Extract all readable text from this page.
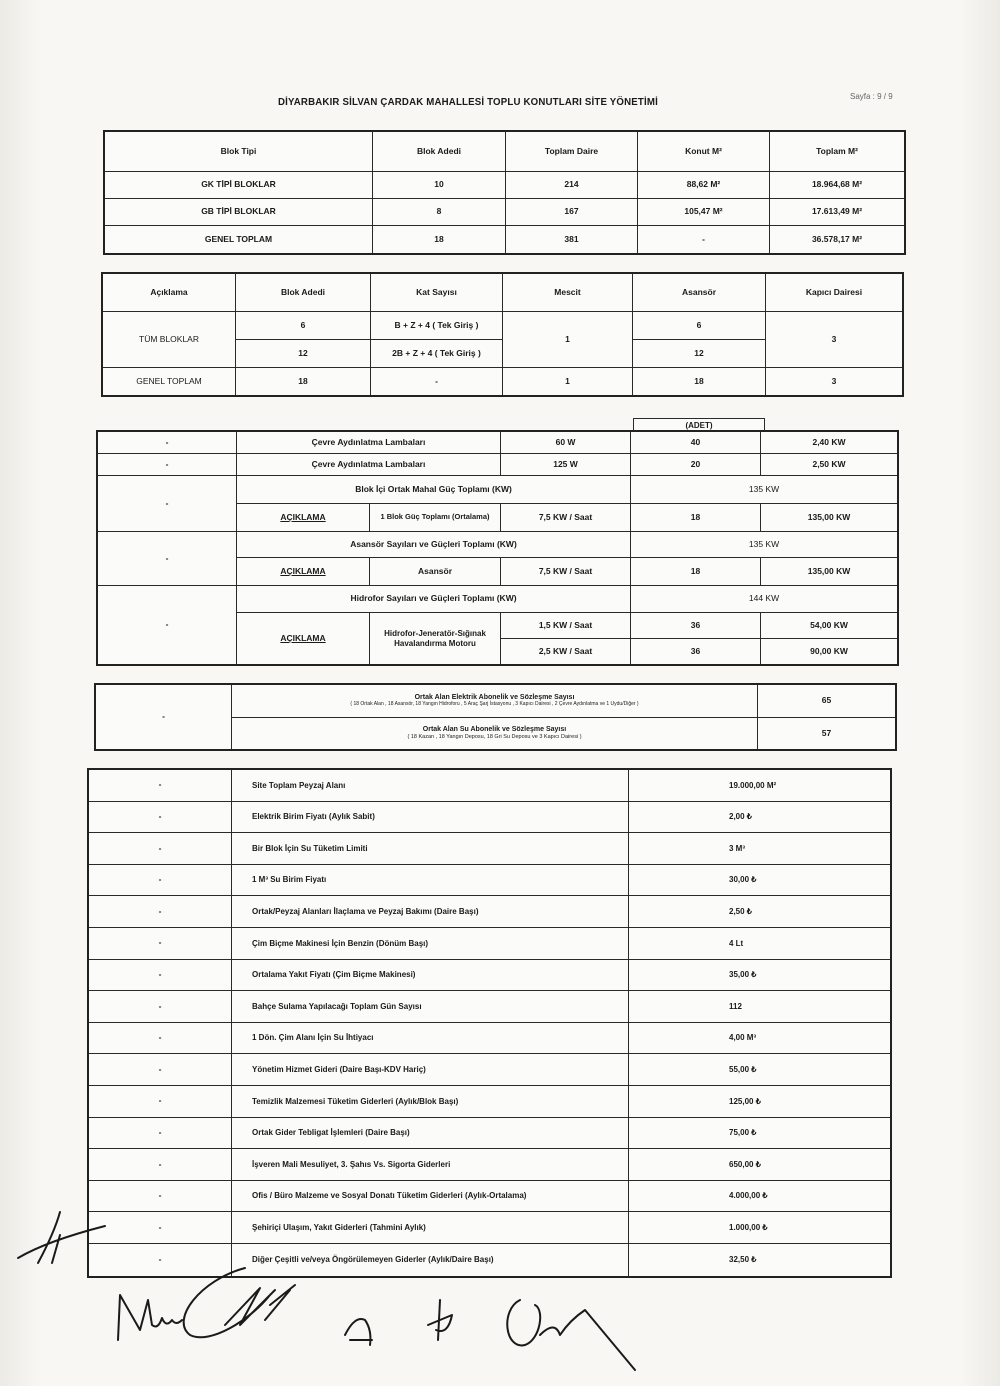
DİYARBAKIR SİLVAN ÇARDAK MAHALLESİ TOPLU KONUTLARI SİTE YÖNETİMİ	Sayfa : 9 / 9
Blok Tipi	Blok Adedi	Toplam Daire	Konut M²	Toplam M²
GK TİPİ BLOKLAR	10	214	88,62 M²	18.964,68 M²
GB TİPİ BLOKLAR	8	167	105,47 M²	17.613,49 M²
GENEL TOPLAM	18	381	-	36.578,17 M²
Açıklama	Blok Adedi	Kat Sayısı	Mescit	Asansör	Kapıcı Dairesi
TÜM BLOKLAR	6	B + Z + 4 ( Tek Giriş )	1	6	3
	12	2B + Z + 4 ( Tek Giriş )		12	
GENEL TOPLAM	18	-	1	18	3
(ADET)
-	Çevre Aydınlatma Lambaları		60 W	40	2,40 KW
-	Çevre Aydınlatma Lambaları		125 W	20	2,50 KW
-	Blok İçi Ortak Mahal Güç Toplamı (KW)			135 KW	
	AÇIKLAMA	1 Blok Güç Toplamı (Ortalama)	7,5 KW / Saat	18	135,00 KW
-	Asansör Sayıları ve Güçleri Toplamı (KW)			135 KW	
	AÇIKLAMA	Asansör	7,5 KW / Saat	18	135,00 KW
-	Hidrofor Sayıları ve Güçleri Toplamı (KW)			144 KW	
	AÇIKLAMA	Hidrofor-Jeneratör-Sığınak Havalandırma Motoru	1,5 KW / Saat	36	54,00 KW
			2,5 KW / Saat	36	90,00 KW
-	Ortak Alan Elektrik Abonelik ve Sözleşme Sayısı
( 18 Ortak Alan , 18 Asansör, 18 Yangın Hidroforu , 5 Araç Şarj İstasyonu , 3 Kapıcı Dairesi , 2 Çevre Aydınlatma ve 1 Uydu/Diğer )	65

	Ortak Alan Su Abonelik ve Sözleşme Sayısı
( 18 Kazan , 18 Yangın Deposu, 18 Gri Su Deposu ve 3 Kapıcı Dairesi )	57
-	Site Toplam Peyzaj Alanı	19.000,00 M²
-	Elektrik Birim Fiyatı (Aylık Sabit)	2,00 ₺
-	Bir Blok İçin Su Tüketim Limiti	3 M³
-	1 M³ Su Birim Fiyatı	30,00 ₺
-	Ortak/Peyzaj Alanları İlaçlama ve Peyzaj Bakımı (Daire Başı)	2,50 ₺
-	Çim Biçme Makinesi İçin Benzin (Dönüm Başı)	4 Lt
-	Ortalama Yakıt Fiyatı (Çim Biçme Makinesi)	35,00 ₺
-	Bahçe Sulama Yapılacağı Toplam Gün Sayısı	112
-	1 Dön. Çim Alanı İçin Su İhtiyacı	4,00 M³
-	Yönetim Hizmet Gideri (Daire Başı-KDV Hariç)	55,00 ₺
-	Temizlik Malzemesi Tüketim Giderleri (Aylık/Blok Başı)	125,00 ₺
-	Ortak Gider Tebligat İşlemleri (Daire Başı)	75,00 ₺
-	İşveren Mali Mesuliyet, 3. Şahıs Vs. Sigorta Giderleri	650,00 ₺
-	Ofis / Büro Malzeme ve Sosyal Donatı Tüketim Giderleri (Aylık-Ortalama)	4.000,00 ₺
-	Şehiriçi Ulaşım, Yakıt Giderleri (Tahmini Aylık)	1.000,00 ₺
-	Diğer Çeşitli ve/veya Öngörülemeyen Giderler (Aylık/Daire Başı)	32,50 ₺
